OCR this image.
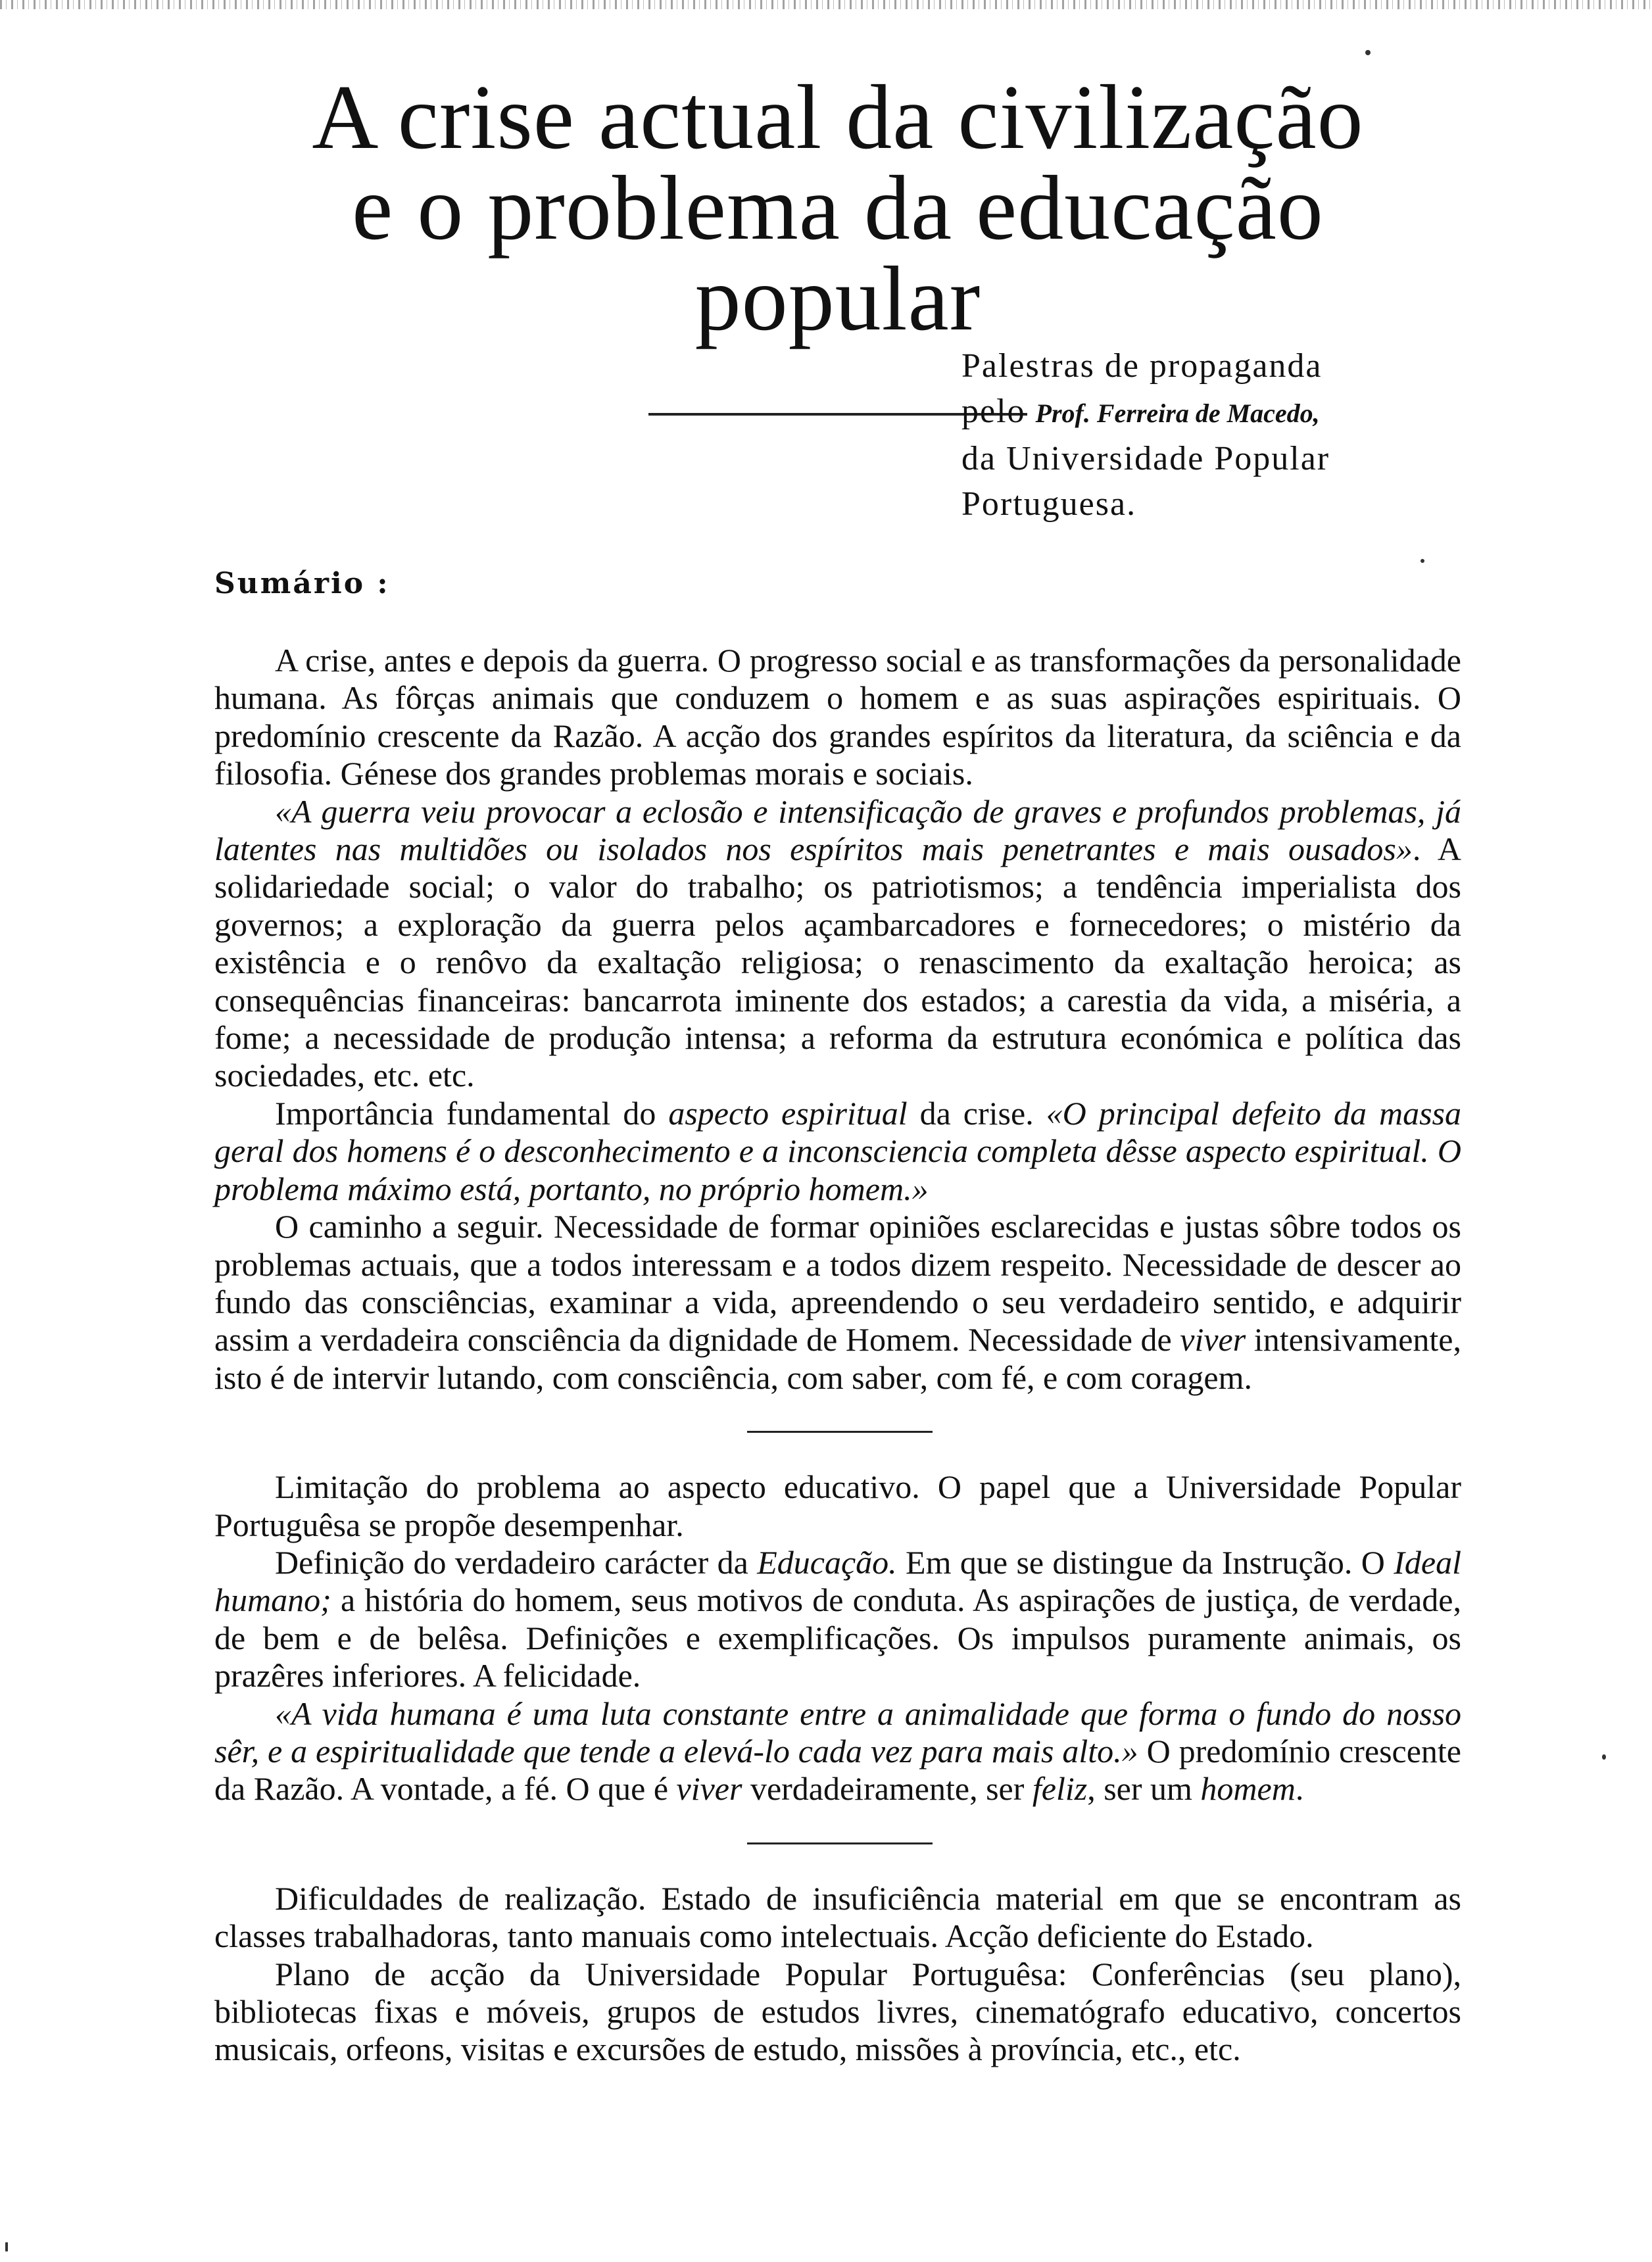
A crise actual da civilização
e o problema da educação popular
Palestras de propaganda
pelo Prof. Ferreira de Macedo,
da Universidade Popular
Portuguesa.
Sumário :

A crise, antes e depois da guerra. O progresso social e as transformações da personalidade humana. As fôrças animais que conduzem o homem e as suas aspirações espirituais. O predomínio crescente da Razão. A acção dos grandes espíritos da literatura, da sciência e da filosofia. Génese dos grandes problemas morais e sociais.

«A guerra veiu provocar a eclosão e intensificação de graves e profundos problemas, já latentes nas multidões ou isolados nos espíritos mais penetrantes e mais ousados». A solidariedade social; o valor do trabalho; os patriotismos; a tendência imperialista dos governos; a exploração da guerra pelos açambarcadores e fornecedores; o mistério da existência e o renôvo da exaltação religiosa; o renascimento da exaltação heroica; as consequências financeiras: bancarrota iminente dos estados; a carestia da vida, a miséria, a fome; a necessidade de produção intensa; a reforma da estrutura económica e política das sociedades, etc. etc.

Importância fundamental do aspecto espiritual da crise. «O principal defeito da massa geral dos homens é o desconhecimento e a inconsciencia completa dêsse aspecto espiritual. O problema máximo está, portanto, no próprio homem.»

O caminho a seguir. Necessidade de formar opiniões esclarecidas e justas sôbre todos os problemas actuais, que a todos interessam e a todos dizem respeito. Necessidade de descer ao fundo das consciências, examinar a vida, apreendendo o seu verdadeiro sentido, e adquirir assim a verdadeira consciência da dignidade de Homem. Necessidade de viver intensivamente, isto é de intervir lutando, com consciência, com saber, com fé, e com coragem.

Limitação do problema ao aspecto educativo. O papel que a Universidade Popular Portuguêsa se propõe desempenhar.

Definição do verdadeiro carácter da Educação. Em que se distingue da Instrução. O Ideal humano; a história do homem, seus motivos de conduta. As aspirações de justiça, de verdade, de bem e de belêsa. Definições e exemplificações. Os impulsos puramente animais, os prazêres inferiores. A felicidade.

«A vida humana é uma luta constante entre a animalidade que forma o fundo do nosso sêr, e a espiritualidade que tende a elevá-lo cada vez para mais alto.» O predomínio crescente da Razão. A vontade, a fé. O que é viver verdadeiramente, ser feliz, ser um homem.

Dificuldades de realização. Estado de insuficiência material em que se encontram as classes trabalhadoras, tanto manuais como intelectuais. Acção deficiente do Estado.

Plano de acção da Universidade Popular Portuguêsa: Conferências (seu plano), bibliotecas fixas e móveis, grupos de estudos livres, cinematógrafo educativo, concertos musicais, orfeons, visitas e excursões de estudo, missões à província, etc., etc.
